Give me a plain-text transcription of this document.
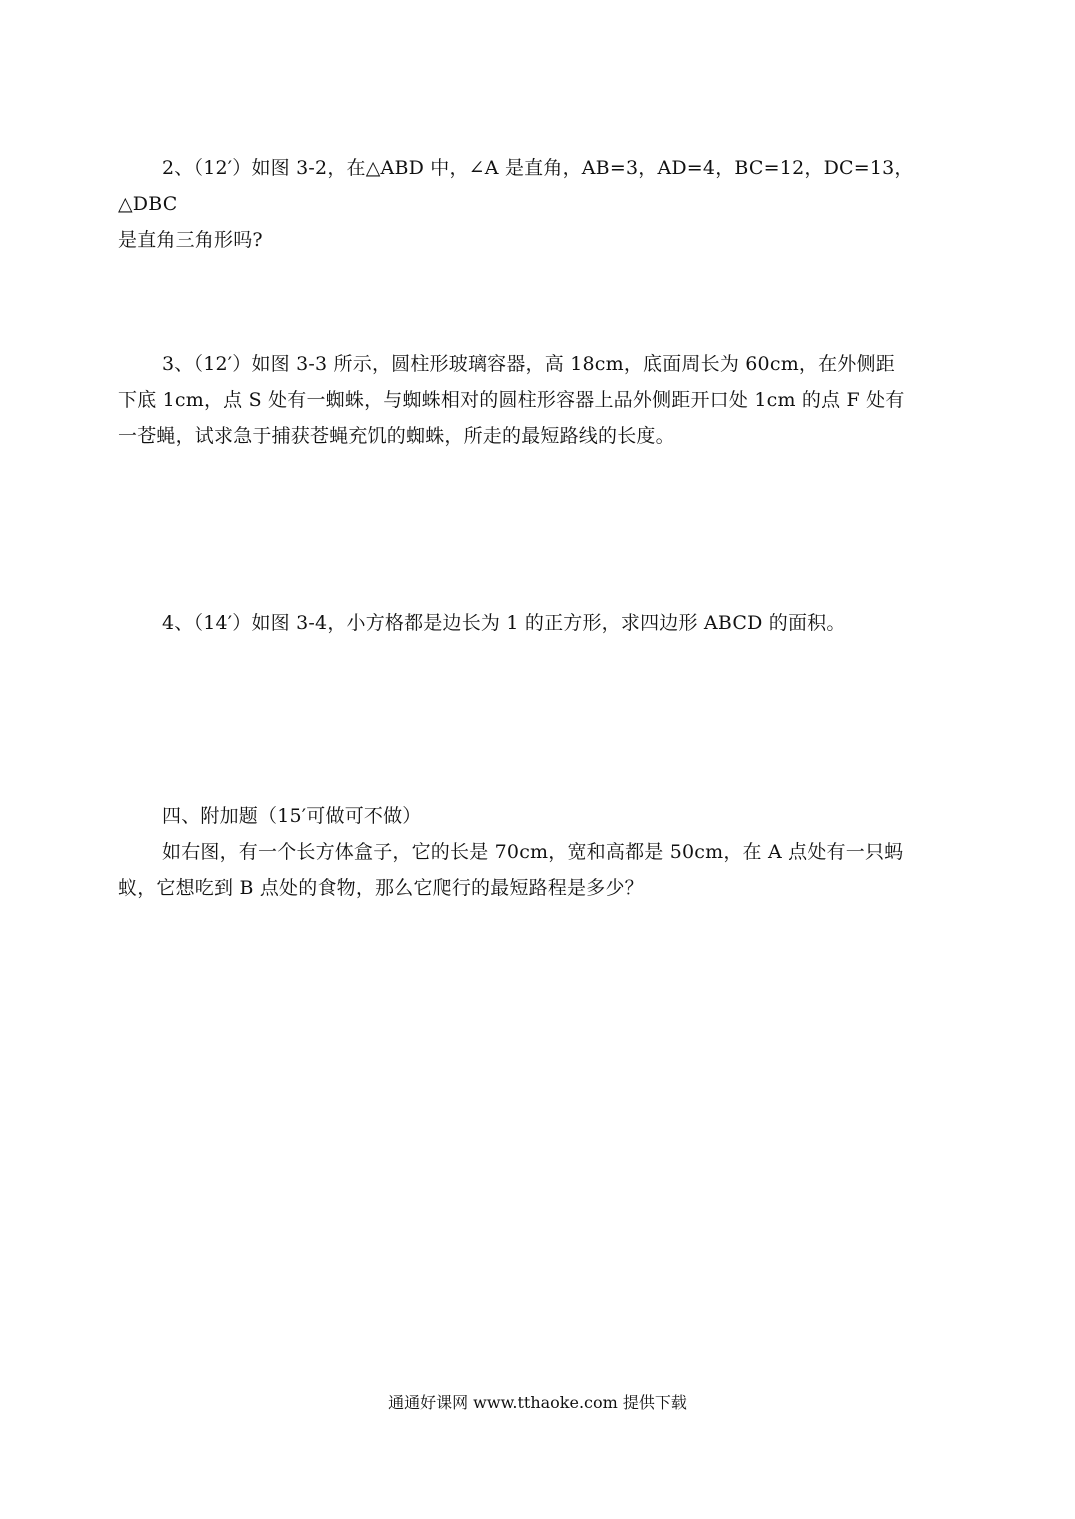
2、（12′）如图 3-2，在△ABD 中，∠A 是直角，AB=3，AD=4，BC=12，DC=13，△DBC
是直角三角形吗?
3、（12′）如图 3-3 所示，圆柱形玻璃容器，高 18cm，底面周长为 60cm，在外侧距
下底 1cm，点 S 处有一蜘蛛，与蜘蛛相对的圆柱形容器上品外侧距开口处 1cm 的点 F 处有
一苍蝇，试求急于捕获苍蝇充饥的蜘蛛，所走的最短路线的长度。
4、（14′）如图 3-4，小方格都是边长为 1 的正方形，求四边形 ABCD 的面积。
四、附加题（15′可做可不做）
如右图，有一个长方体盒子，它的长是 70cm，宽和高都是 50cm，在 A 点处有一只蚂
蚁，它想吃到 B 点处的食物，那么它爬行的最短路程是多少？
通通好课网 www.tthaoke.com 提供下载
